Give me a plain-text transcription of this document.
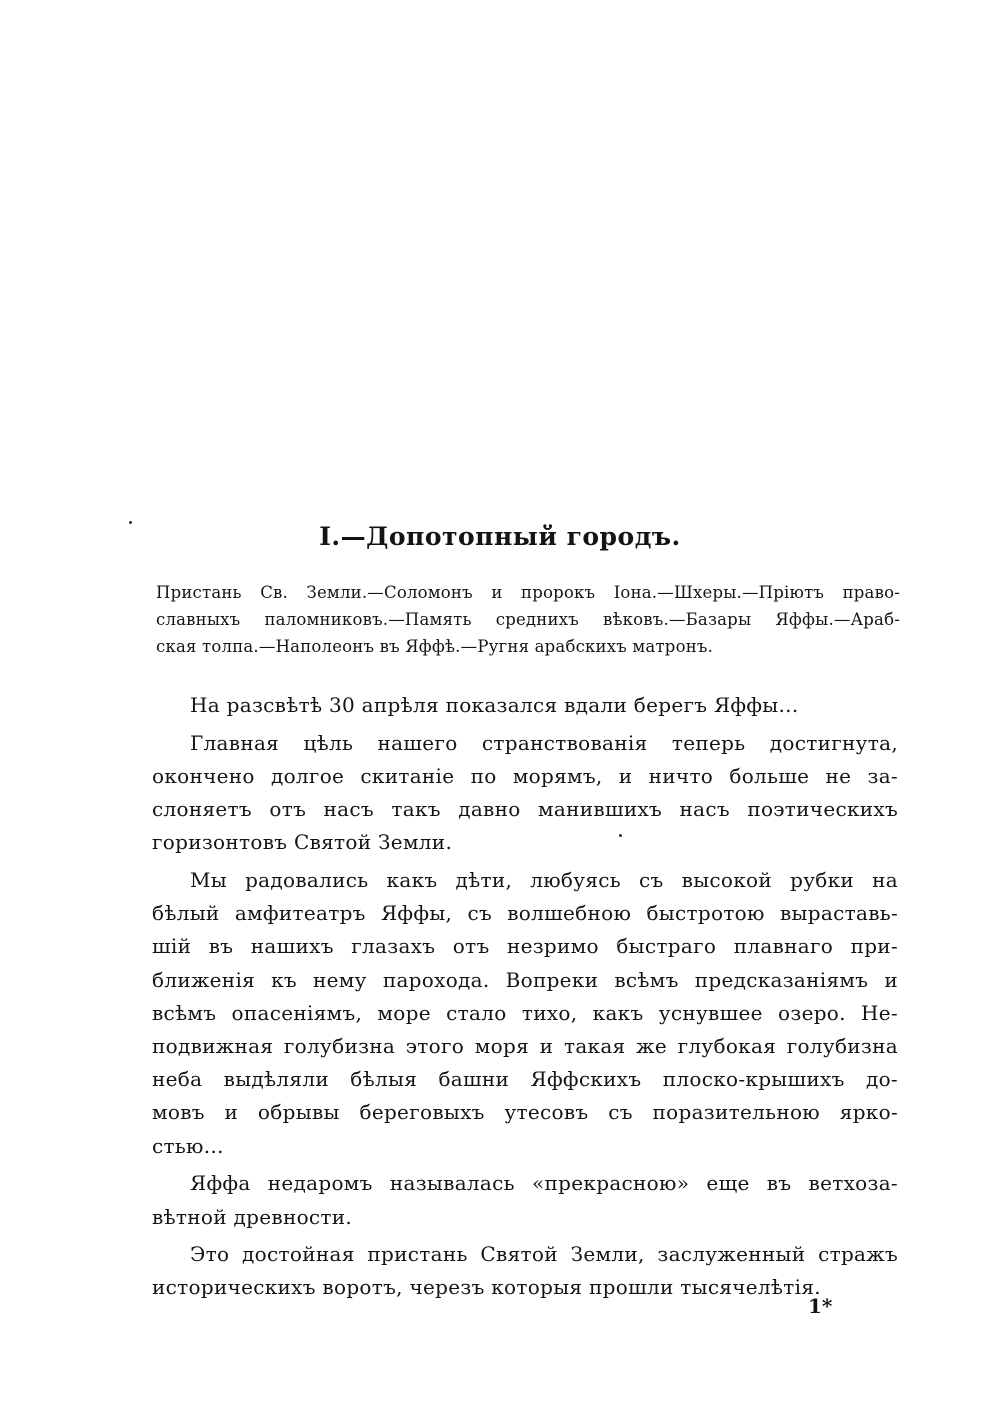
I.—Допотопный городъ.
Пристань Св. Земли.—Соломонъ и пророкъ Іона.—Шхеры.—Пріютъ право-
славныхъ паломниковъ.—Память среднихъ вѣковъ.—Базары Яффы.—Араб-
ская толпа.—Наполеонъ въ Яффѣ.—Ругня арабскихъ матронъ.

На разсвѣтѣ 30 апрѣля показался вдали берегъ Яффы...

Главная цѣль нашего странствованія теперь достигнута,
окончено долгое скитаніе по морямъ, и ничто больше не за-
слоняетъ отъ насъ такъ давно манившихъ насъ поэтическихъ
горизонтовъ Святой Земли.

Мы радовались какъ дѣти, любуясь съ высокой рубки на
бѣлый амфитеатръ Яффы, съ волшебною быстротою выраставь-
шій въ нашихъ глазахъ отъ незримо быстраго плавнаго при-
ближенія къ нему парохода. Вопреки всѣмъ предсказаніямъ и
всѣмъ опасеніямъ, море стало тихо, какъ уснувшее озеро. Не-
подвижная голубизна этого моря и такая же глубокая голубизна
неба выдѣляли бѣлыя башни Яффскихъ плоско-крышихъ до-
мовъ и обрывы береговыхъ утесовъ съ поразительною ярко-
стью...

Яффа недаромъ называлась «прекрасною» еще въ ветхоза-
вѣтной древности.

Это достойная пристань Святой Земли, заслуженный стражъ
историческихъ воротъ, черезъ которыя прошли тысячелѣтія.

1*
